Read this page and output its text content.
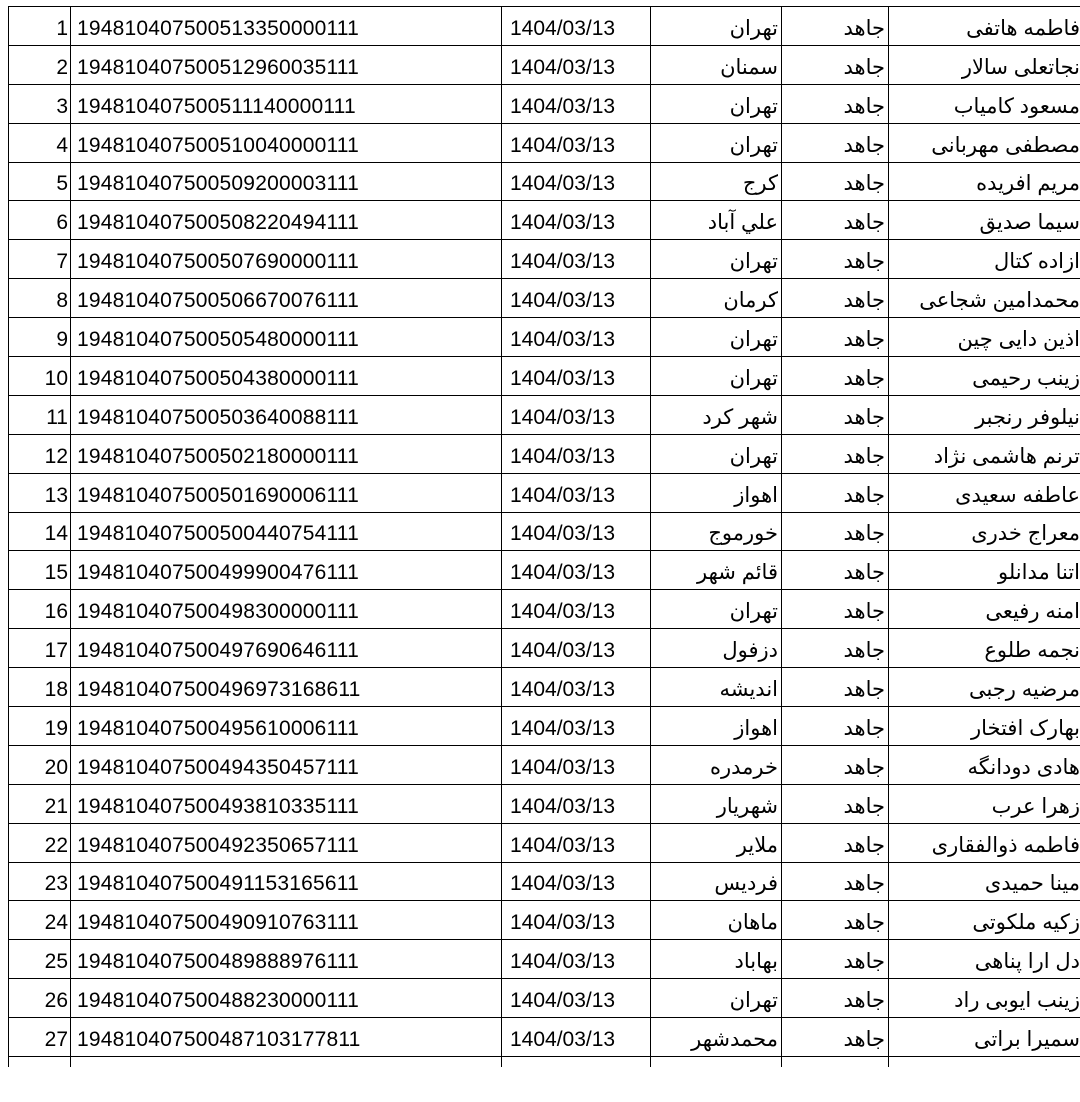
1	194810407500513350000111	1404/03/13	تهران	جاهد	فاطمه هاتفی
2	194810407500512960035111	1404/03/13	سمنان	جاهد	نجاتعلی سالار
3	194810407500511140000111	1404/03/13	تهران	جاهد	مسعود کامیاب
4	194810407500510040000111	1404/03/13	تهران	جاهد	مصطفی مهربانی
5	194810407500509200003111	1404/03/13	کرج	جاهد	مریم افریده
6	194810407500508220494111	1404/03/13	علي آباد	جاهد	سیما صدیق
7	194810407500507690000111	1404/03/13	تهران	جاهد	ازاده کتال
8	194810407500506670076111	1404/03/13	کرمان	جاهد	محمدامین شجاعی
9	194810407500505480000111	1404/03/13	تهران	جاهد	اذین دایی چین
10	194810407500504380000111	1404/03/13	تهران	جاهد	زینب رحیمی
11	194810407500503640088111	1404/03/13	شهر کرد	جاهد	نیلوفر رنجبر
12	194810407500502180000111	1404/03/13	تهران	جاهد	ترنم هاشمی نژاد
13	194810407500501690006111	1404/03/13	اهواز	جاهد	عاطفه سعیدی
14	194810407500500440754111	1404/03/13	خورموج	جاهد	معراج خدری
15	194810407500499900476111	1404/03/13	قائم شهر	جاهد	اتنا مدانلو
16	194810407500498300000111	1404/03/13	تهران	جاهد	امنه رفیعی
17	194810407500497690646111	1404/03/13	دزفول	جاهد	نجمه طلوع
18	194810407500496973168611	1404/03/13	اندیشه	جاهد	مرضیه رجبی
19	194810407500495610006111	1404/03/13	اهواز	جاهد	بهارک افتخار
20	194810407500494350457111	1404/03/13	خرمدره	جاهد	هادی دودانگه
21	194810407500493810335111	1404/03/13	شهریار	جاهد	زهرا عرب
22	194810407500492350657111	1404/03/13	ملایر	جاهد	فاطمه ذوالفقاری
23	194810407500491153165611	1404/03/13	فردیس	جاهد	مینا حمیدی
24	194810407500490910763111	1404/03/13	ماهان	جاهد	زکیه ملکوتی
25	194810407500489888976111	1404/03/13	بهاباد	جاهد	دل ارا پناهی
26	194810407500488230000111	1404/03/13	تهران	جاهد	زینب ایوبی راد
27	194810407500487103177811	1404/03/13	محمدشهر	جاهد	سمیرا براتی
